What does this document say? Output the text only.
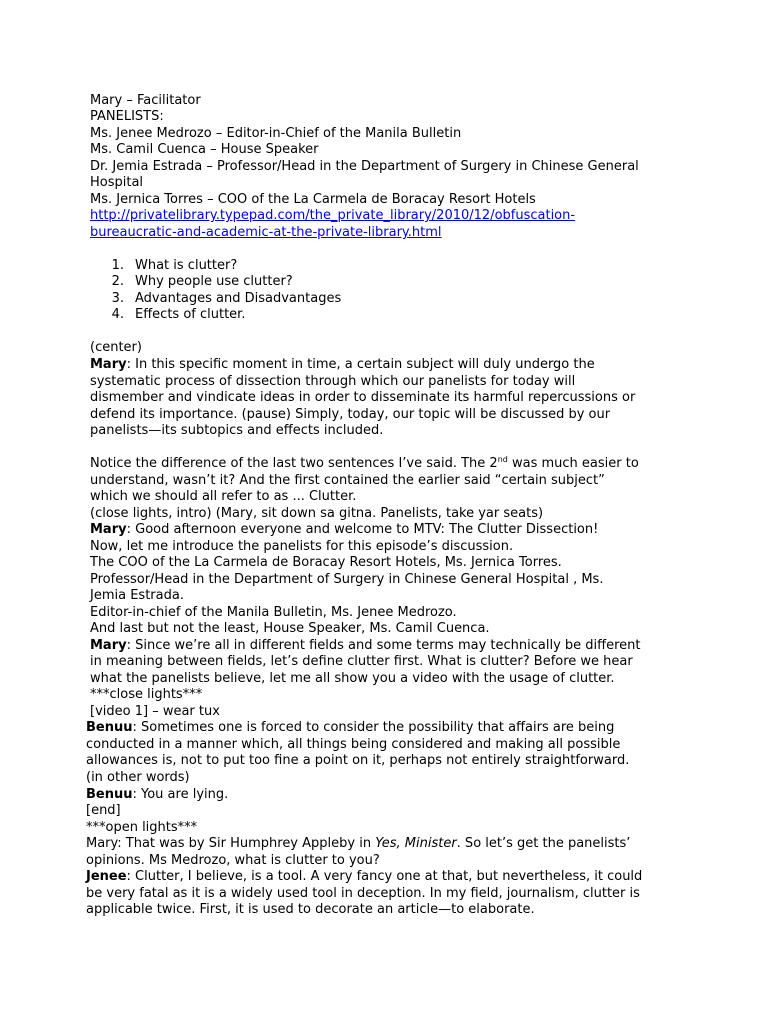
Mary – Facilitator
PANELISTS:
Ms. Jenee Medrozo – Editor-in-Chief of the Manila Bulletin
Ms. Camil Cuenca – House Speaker
Dr. Jemia Estrada – Professor/Head in the Department of Surgery in Chinese General
Hospital
Ms. Jernica Torres – COO of the La Carmela de Boracay Resort Hotels
http://privatelibrary.typepad.com/the_private_library/2010/12/obfuscation-
bureaucratic-and-academic-at-the-private-library.html
1. What is clutter?
2. Why people use clutter?
3. Advantages and Disadvantages
4. Effects of clutter.
(center)
Mary: In this specific moment in time, a certain subject will duly undergo the
systematic process of dissection through which our panelists for today will
dismember and vindicate ideas in order to disseminate its harmful repercussions or
defend its importance. (pause) Simply, today, our topic will be discussed by our
panelists—its subtopics and effects included.
Notice the difference of the last two sentences I’ve said. The 2nd was much easier to
understand, wasn’t it? And the first contained the earlier said “certain subject”
which we should all refer to as ... Clutter.
(close lights, intro) (Mary, sit down sa gitna. Panelists, take yar seats)
Mary: Good afternoon everyone and welcome to MTV: The Clutter Dissection!
Now, let me introduce the panelists for this episode’s discussion.
The COO of the La Carmela de Boracay Resort Hotels, Ms. Jernica Torres.
Professor/Head in the Department of Surgery in Chinese General Hospital , Ms.
Jemia Estrada.
Editor-in-chief of the Manila Bulletin, Ms. Jenee Medrozo.
And last but not the least, House Speaker, Ms. Camil Cuenca.
Mary: Since we’re all in different fields and some terms may technically be different
in meaning between fields, let’s define clutter first. What is clutter? Before we hear
what the panelists believe, let me all show you a video with the usage of clutter.
***close lights***
[video 1] – wear tux
Benuu: Sometimes one is forced to consider the possibility that affairs are being
conducted in a manner which, all things being considered and making all possible
allowances is, not to put too fine a point on it, perhaps not entirely straightforward.
(in other words)
Benuu: You are lying.
[end]
***open lights***
Mary: That was by Sir Humphrey Appleby in Yes, Minister. So let’s get the panelists’
opinions. Ms Medrozo, what is clutter to you?
Jenee: Clutter, I believe, is a tool. A very fancy one at that, but nevertheless, it could
be very fatal as it is a widely used tool in deception. In my field, journalism, clutter is
applicable twice. First, it is used to decorate an article—to elaborate.
